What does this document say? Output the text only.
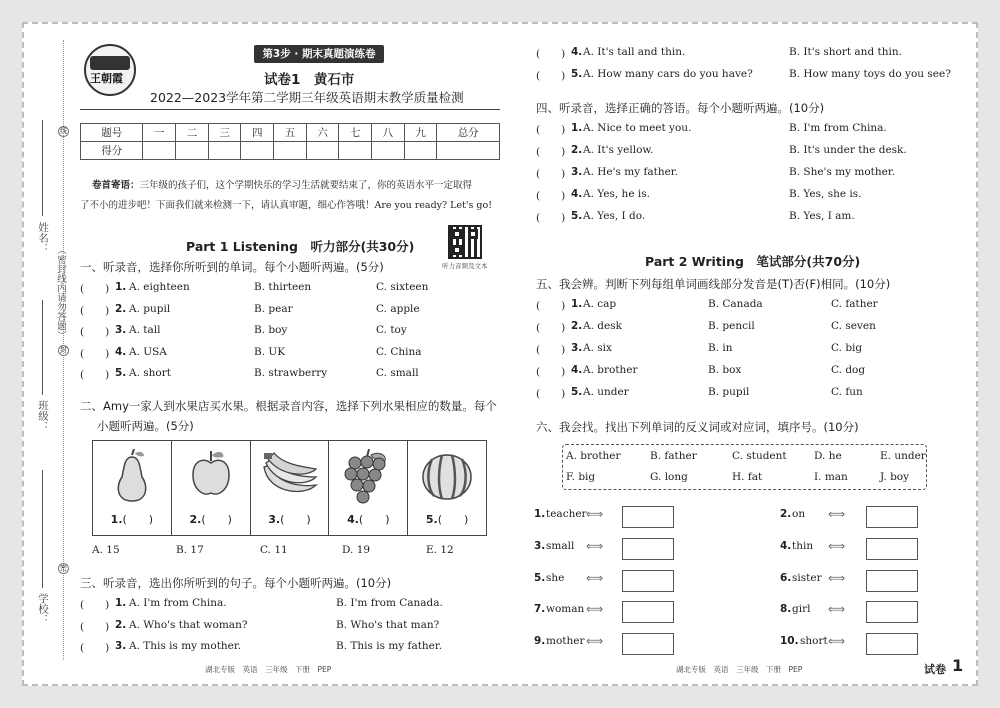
线
封
密
姓名：
（密封线内请勿答题）
班级：
学校：
王朝霞
第3步 · 期末真题演练卷
试卷1　黄石市
2022—2023学年第二学期三年级英语期末教学质量检测
题号	一	二	三	四	五	六	七	八	九	总分
得分										
卷首寄语：三年级的孩子们，这个学期快乐的学习生活就要结束了，你的英语水平一定取得
了不小的进步吧！下面我们就来检测一下，请认真审题，细心作答哦！Are you ready? Let's go!
Part 1 Listening　听力部分(共30分)
听力音频及文本
一、听录音，选择你所听到的单词。每个小题听两遍。(5分)
(　　) 1. A. eighteen	B. thirteen	C. sixteen
(　　) 2. A. pupil	B. pear	C. apple
(　　) 3. A. tall	B. boy	C. toy
(　　) 4. A. USA	B. UK	C. China
(　　) 5. A. short	B. strawberry	C. small
二、Amy一家人到水果店买水果。根据录音内容，选择下列水果相应的数量。每个
小题听两遍。(5分)
1.(　　)	2.(　　)	3.(　　)	4.(　　)	5.(　　)
A. 15	B. 17	C. 11	D. 19	E. 12
三、听录音，选出你所听到的句子。每个小题听两遍。(10分)
(　　) 1. A. I'm from China.	B. I'm from Canada.
(　　) 2. A. Who's that woman?	B. Who's that man?
(　　) 3. A. This is my mother.	B. This is my father.
(　　) 4. A. It's tall and thin.	B. It's short and thin.
(　　) 5. A. How many cars do you have?	B. How many toys do you see?
四、听录音，选择正确的答语。每个小题听两遍。(10分)
(　　) 1. A. Nice to meet you.	B. I'm from China.
(　　) 2. A. It's yellow.	B. It's under the desk.
(　　) 3. A. He's my father.	B. She's my mother.
(　　) 4. A. Yes, he is.	B. Yes, she is.
(　　) 5. A. Yes, I do.	B. Yes, I am.
Part 2 Writing　笔试部分(共70分)
五、我会辨。判断下列每组单词画线部分发音是(T)否(F)相同。(10分)
(　　) 1. A. cap	B. Canada	C. father
(　　) 2. A. desk	B. pencil	C. seven
(　　) 3. A. six	B. in	C. big
(　　) 4. A. brother	B. box	C. dog
(　　) 5. A. under	B. pupil	C. fun
六、我会找。找出下列单词的反义词或对应词，填序号。(10分)
A. brother	B. father	C. student	D. he	E. under
F. big	G. long	H. fat	I. man	J. boy
1. teacher ⟺	2. on ⟺
3. small ⟺	4. thin ⟺
5. she ⟺	6. sister ⟺
7. woman ⟺	8. girl ⟺
9. mother ⟺	10. short ⟺
湖北专版　英语　三年级　下册　PEP	湖北专版　英语　三年级　下册　PEP	试卷 1
